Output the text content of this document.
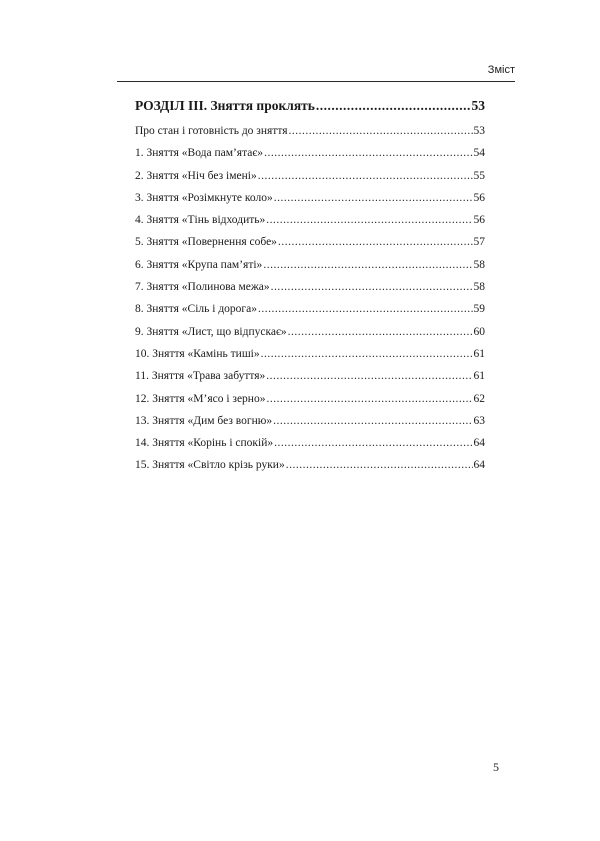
Зміст
РОЗДІЛ ІІІ. Зняття проклять .....	53
Про стан і готовність до зняття .....	53
1. Зняття «Вода пам’ятає» .....	54
2. Зняття «Ніч без імені» .....	55
3. Зняття «Розімкнуте коло» .....	56
4. Зняття «Тінь відходить» .....	56
5. Зняття «Повернення собе» .....	57
6. Зняття «Крупа пам’яті» .....	58
7. Зняття «Полинова межа» .....	58
8. Зняття «Сіль і дорога» .....	59
9. Зняття «Лист, що відпускає» .....	60
10. Зняття «Камінь тиші» .....	61
11. Зняття «Трава забуття» .....	61
12. Зняття «М’ясо і зерно» .....	62
13. Зняття «Дим без вогню» .....	63
14. Зняття «Корінь і спокій» .....	64
15. Зняття «Світло крізь руки» .....	64
5
